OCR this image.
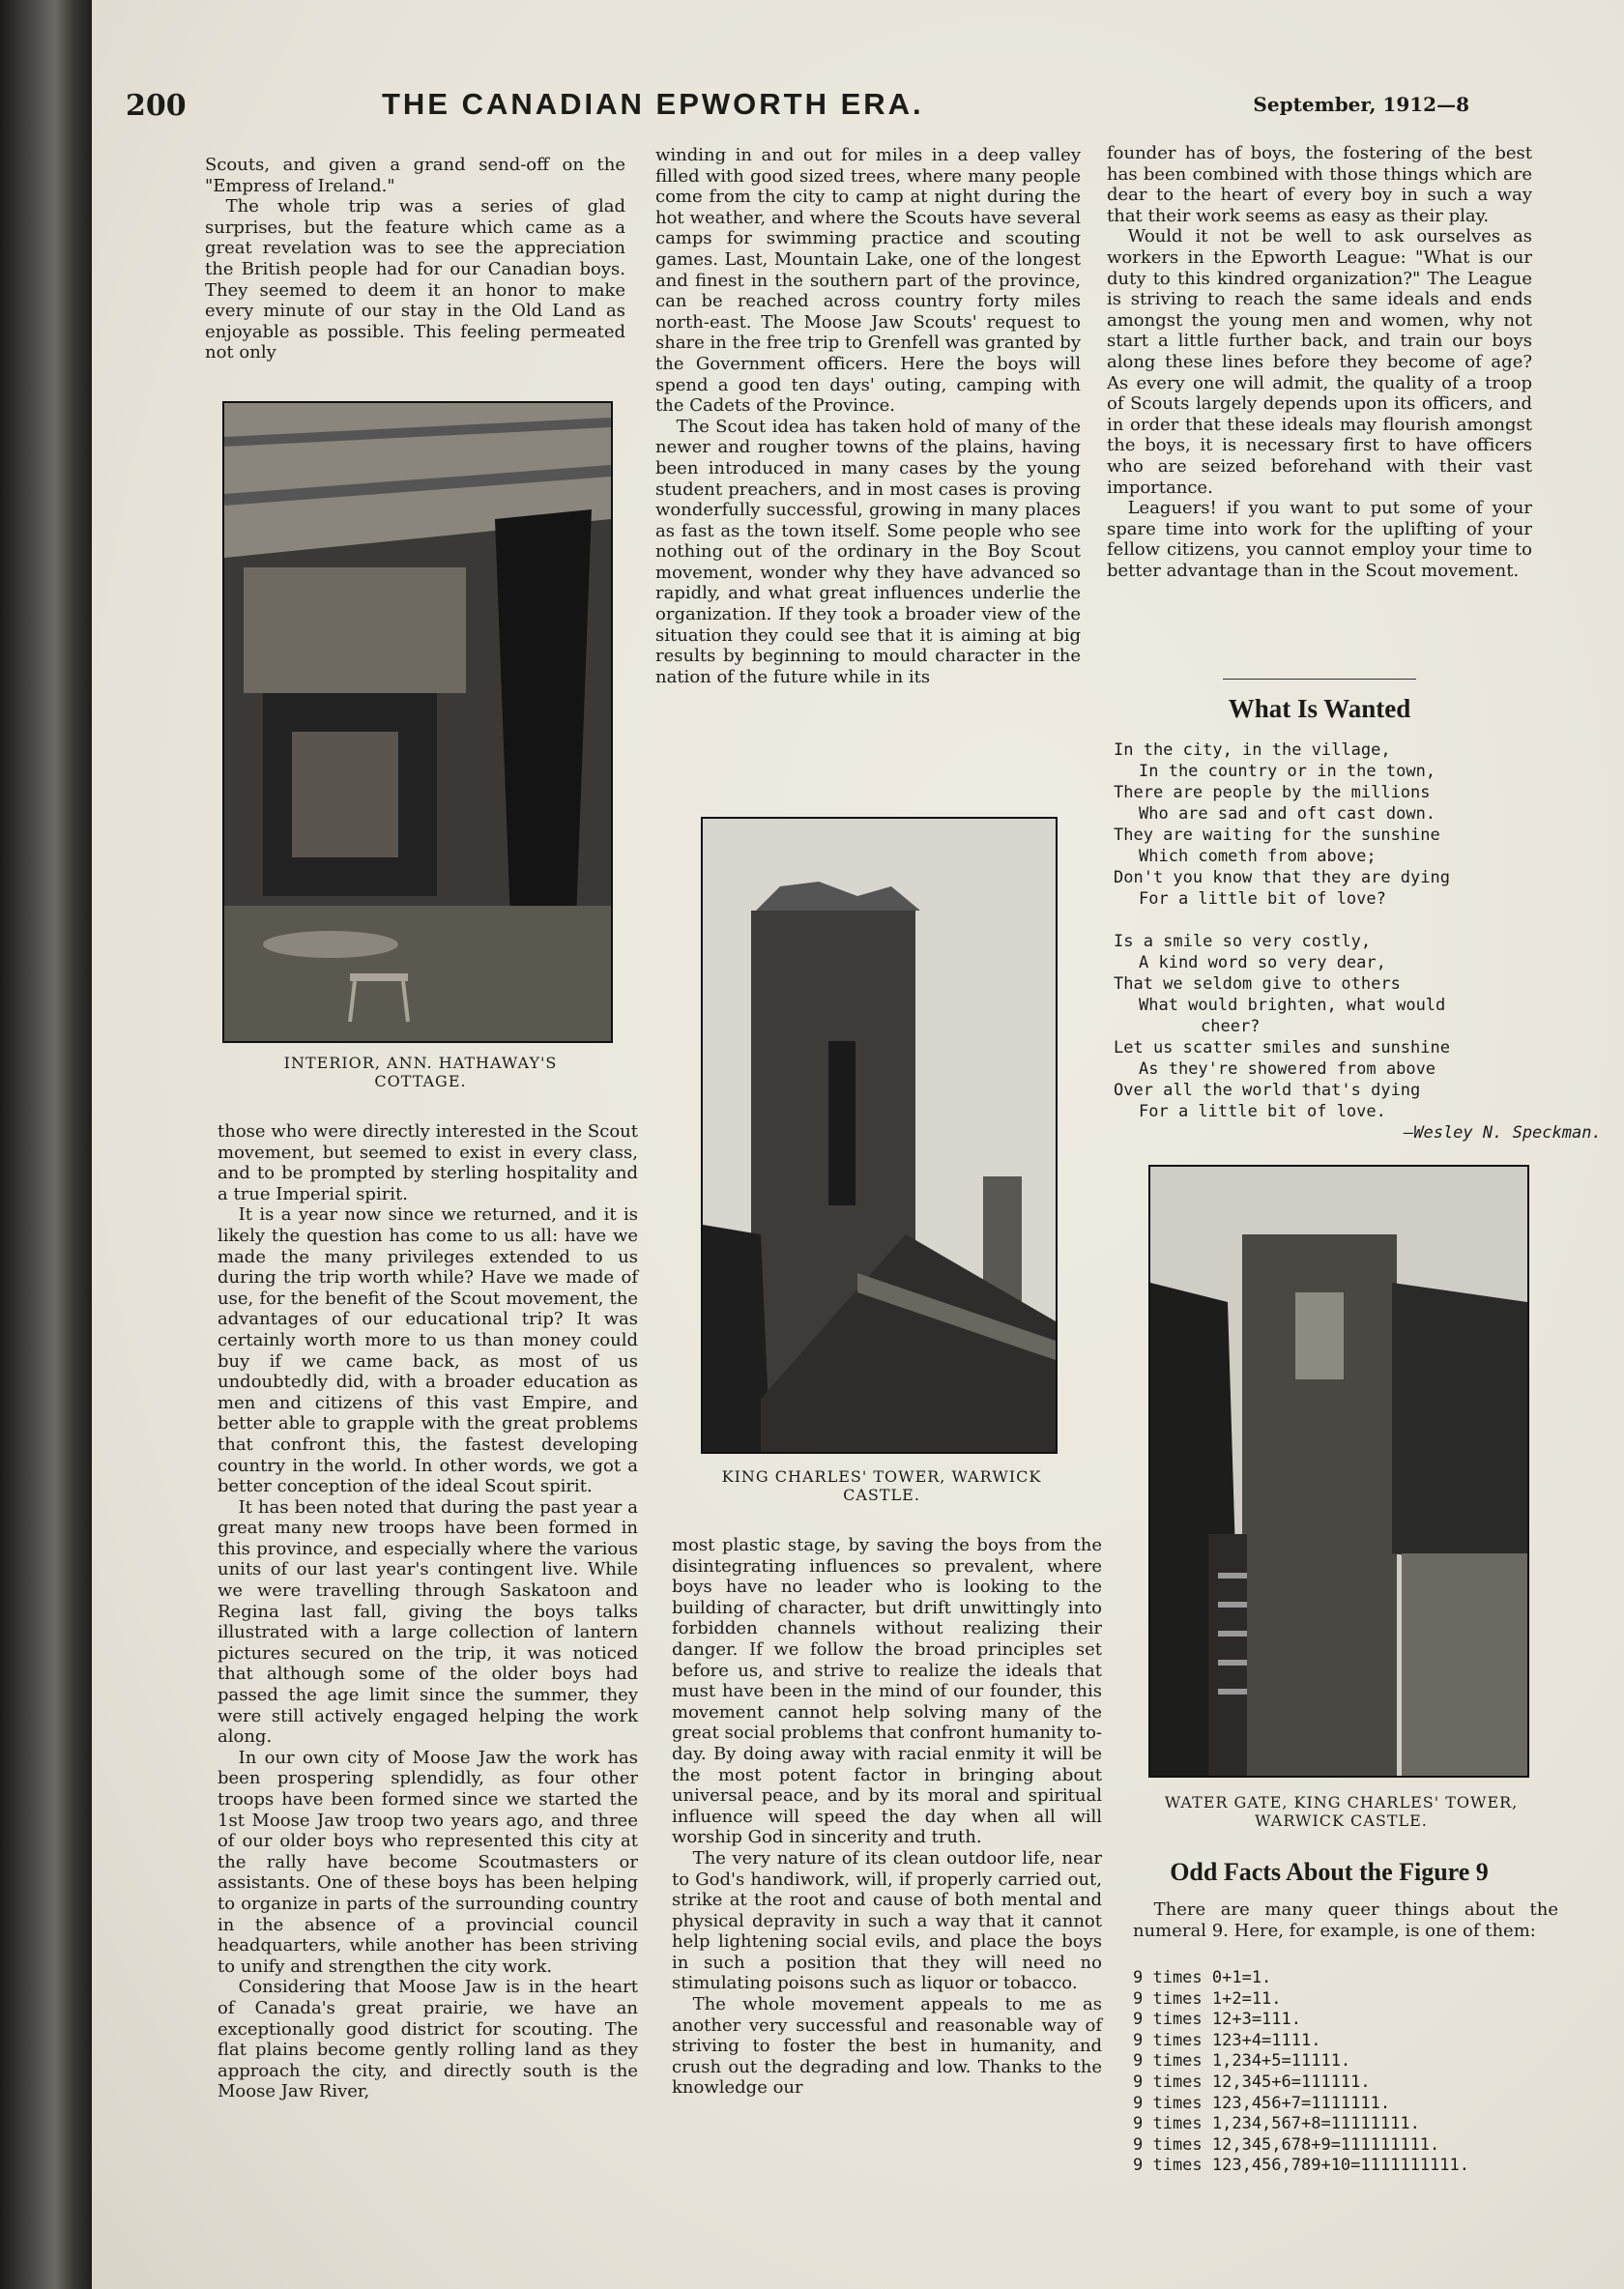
200	THE CANADIAN EPWORTH ERA.	September, 1912—8

Scouts, and given a grand send-off on the "Empress of Ireland."

The whole trip was a series of glad surprises, but the feature which came as a great revelation was to see the appreciation the British people had for our Canadian boys. They seemed to deem it an honor to make every minute of our stay in the Old Land as enjoyable as possible. This feeling permeated not only

INTERIOR, ANN. HATHAWAY'S COTTAGE.

those who were directly interested in the Scout movement, but seemed to exist in every class, and to be prompted by sterling hospitality and a true Imperial spirit.

It is a year now since we returned, and it is likely the question has come to us all: have we made the many privileges extended to us during the trip worth while? Have we made of use, for the benefit of the Scout movement, the advantages of our educational trip? It was certainly worth more to us than money could buy if we came back, as most of us undoubtedly did, with a broader education as men and citizens of this vast Empire, and better able to grapple with the great problems that confront this, the fastest developing country in the world. In other words, we got a better conception of the ideal Scout spirit.

It has been noted that during the past year a great many new troops have been formed in this province, and especially where the various units of our last year's contingent live. While we were travelling through Saskatoon and Regina last fall, giving the boys talks illustrated with a large collection of lantern pictures secured on the trip, it was noticed that although some of the older boys had passed the age limit since the summer, they were still actively engaged helping the work along.

In our own city of Moose Jaw the work has been prospering splendidly, as four other troops have been formed since we started the 1st Moose Jaw troop two years ago, and three of our older boys who represented this city at the rally have become Scoutmasters or assistants. One of these boys has been helping to organize in parts of the surrounding country in the absence of a provincial council headquarters, while another has been striving to unify and strengthen the city work.

Considering that Moose Jaw is in the heart of Canada's great prairie, we have an exceptionally good district for scouting. The flat plains become gently rolling land as they approach the city, and directly south is the Moose Jaw River,

winding in and out for miles in a deep valley filled with good sized trees, where many people come from the city to camp at night during the hot weather, and where the Scouts have several camps for swimming practice and scouting games. Last, Mountain Lake, one of the longest and finest in the southern part of the province, can be reached across country forty miles north-east. The Moose Jaw Scouts' request to share in the free trip to Grenfell was granted by the Government officers. Here the boys will spend a good ten days' outing, camping with the Cadets of the Province.

The Scout idea has taken hold of many of the newer and rougher towns of the plains, having been introduced in many cases by the young student preachers, and in most cases is proving wonderfully successful, growing in many places as fast as the town itself. Some people who see nothing out of the ordinary in the Boy Scout movement, wonder why they have advanced so rapidly, and what great influences underlie the organization. If they took a broader view of the situation they could see that it is aiming at big results by beginning to mould character in the nation of the future while in its

KING CHARLES' TOWER, WARWICK CASTLE.

most plastic stage, by saving the boys from the disintegrating influences so prevalent, where boys have no leader who is looking to the building of character, but drift unwittingly into forbidden channels without realizing their danger. If we follow the broad principles set before us, and strive to realize the ideals that must have been in the mind of our founder, this movement cannot help solving many of the great social problems that confront humanity to-day. By doing away with racial enmity it will be the most potent factor in bringing about universal peace, and by its moral and spiritual influence will speed the day when all will worship God in sincerity and truth.

The very nature of its clean outdoor life, near to God's handiwork, will, if properly carried out, strike at the root and cause of both mental and physical depravity in such a way that it cannot help lightening social evils, and place the boys in such a position that they will need no stimulating poisons such as liquor or tobacco.

The whole movement appeals to me as another very successful and reasonable way of striving to foster the best in humanity, and crush out the degrading and low. Thanks to the knowledge our

founder has of boys, the fostering of the best has been combined with those things which are dear to the heart of every boy in such a way that their work seems as easy as their play.

Would it not be well to ask ourselves as workers in the Epworth League: "What is our duty to this kindred organization?" The League is striving to reach the same ideals and ends amongst the young men and women, why not start a little further back, and train our boys along these lines before they become of age? As every one will admit, the quality of a troop of Scouts largely depends upon its officers, and in order that these ideals may flourish amongst the boys, it is necessary first to have officers who are seized beforehand with their vast importance.

Leaguers! if you want to put some of your spare time into work for the uplifting of your fellow citizens, you cannot employ your time to better advantage than in the Scout movement.

What Is Wanted
In the city, in the village,
In the country or in the town,
There are people by the millions
Who are sad and oft cast down.
They are waiting for the sunshine
Which cometh from above;
Don't you know that they are dying
For a little bit of love?
Is a smile so very costly,
A kind word so very dear,
That we seldom give to others
What would brighten, what would
cheer?
Let us scatter smiles and sunshine
As they're showered from above
Over all the world that's dying
For a little bit of love.
—Wesley N. Speckman.

WATER GATE, KING CHARLES' TOWER, WARWICK CASTLE.

Odd Facts About the Figure 9

There are many queer things about the numeral 9. Here, for example, is one of them:

9 times 0+1=1.
9 times 1+2=11.
9 times 12+3=111.
9 times 123+4=1111.
9 times 1,234+5=11111.
9 times 12,345+6=111111.
9 times 123,456+7=1111111.
9 times 1,234,567+8=11111111.
9 times 12,345,678+9=111111111.
9 times 123,456,789+10=1111111111.
